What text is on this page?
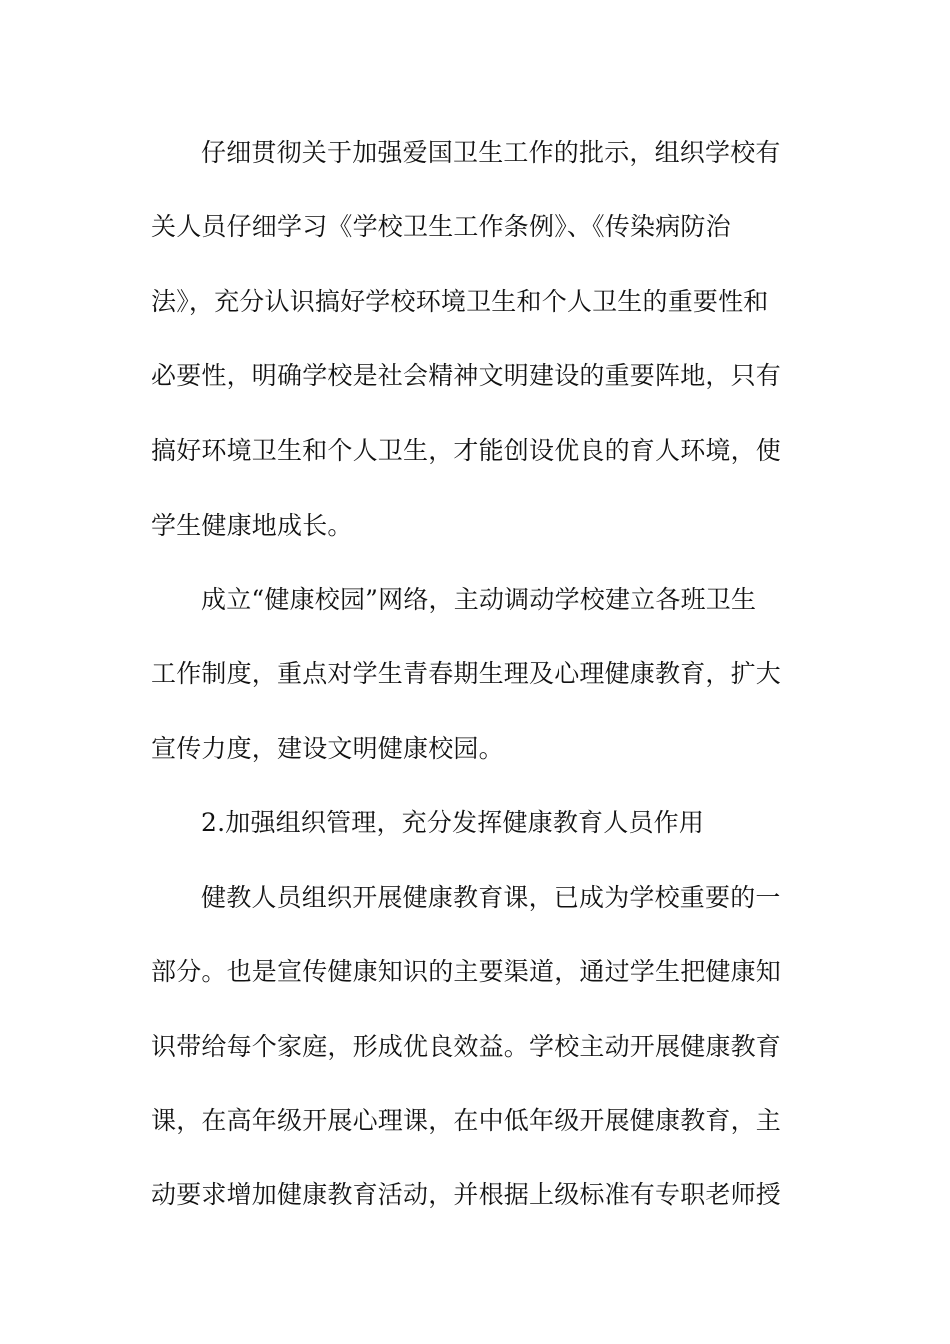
仔细贯彻关于加强爱国卫生工作的批示，组织学校有
关人员仔细学习《学校卫生工作条例》、《传染病防治
法》，充分认识搞好学校环境卫生和个人卫生的重要性和
必要性，明确学校是社会精神文明建设的重要阵地，只有
搞好环境卫生和个人卫生，才能创设优良的育人环境，使
学生健康地成长。
成立“健康校园”网络，主动调动学校建立各班卫生
工作制度，重点对学生青春期生理及心理健康教育，扩大
宣传力度，建设文明健康校园。
2.加强组织管理，充分发挥健康教育人员作用
健教人员组织开展健康教育课，已成为学校重要的一
部分。也是宣传健康知识的主要渠道，通过学生把健康知
识带给每个家庭，形成优良效益。学校主动开展健康教育
课，在高年级开展心理课，在中低年级开展健康教育，主
动要求增加健康教育活动，并根据上级标准有专职老师授
